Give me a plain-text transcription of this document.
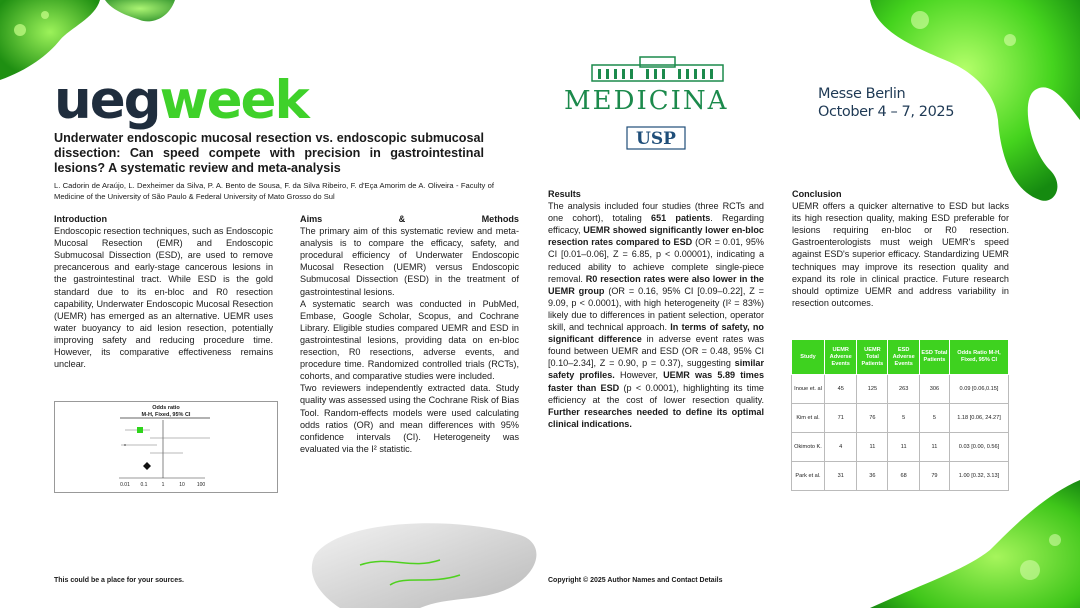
uegweek	MEDICINA
USP
Messe Berlin
October 4 – 7, 2025
Underwater endoscopic mucosal resection vs. endoscopic submucosal dissection: Can speed compete with precision in gastrointestinal lesions? A systematic review and meta-analysis
L. Cadorin de Araújo, L. Dexheimer da Silva, P. A. Bento de Sousa, F. da Silva Ribeiro, F. d'Eça Amorim de A. Oliveira - Faculty of Medicine of the University of São Paulo & Federal University of Mato Grosso do Sul
Introduction

Endoscopic resection techniques, such as Endoscopic Mucosal Resection (EMR) and Endoscopic Submucosal Dissection (ESD), are used to remove precancerous and early-stage cancerous lesions in the gastrointestinal tract. While ESD is the gold standard due to its en-bloc and R0 resection capability, Underwater Endoscopic Mucosal Resection (UEMR) has emerged as an alternative. UEMR uses water buoyancy to aid lesion resection, potentially improving safety and reducing procedure time. However, its comparative effectiveness remains unclear.

Odds ratio
M-H, Fixed, 95% CI
0.01 0.1	1	10 100
Aims	&	Methods

The primary aim of this systematic review and meta-analysis is to compare the efficacy, safety, and procedural efficiency of Underwater Endoscopic Mucosal Resection (UEMR) versus Endoscopic Submucosal Dissection (ESD) in the treatment of gastrointestinal lesions.

A systematic search was conducted in PubMed, Embase, Google Scholar, Scopus, and Cochrane Library. Eligible studies compared UEMR and ESD in gastrointestinal lesions, providing data on en-bloc resection, R0 resections, adverse events, and procedure time. Randomized controlled trials (RCTs), cohorts, and comparative studies were included.

Two reviewers independently extracted data. Study quality was assessed using the Cochrane Risk of Bias Tool. Random-effects models were used calculating odds ratios (OR) and mean differences with 95% confidence intervals (CI). Heterogeneity was evaluated via the I² statistic.

Results

The analysis included four studies (three RCTs and one cohort), totaling 651 patients. Regarding efficacy, UEMR showed significantly lower en-bloc resection rates compared to ESD (OR = 0.01, 95% CI [0.01–0.06], Z = 6.85, p < 0.00001), indicating a reduced ability to achieve complete single-piece removal. R0 resection rates were also lower in the UEMR group (OR = 0.16, 95% CI [0.09–0.22], Z = 9.09, p < 0.0001), with high heterogeneity (I² = 83%) likely due to differences in patient selection, operator skill, and technical approach. In terms of safety, no significant difference in adverse event rates was found between UEMR and ESD (OR = 0.48, 95% CI [0.10–2.34], Z = 0.90, p = 0.37), suggesting similar safety profiles. However, UEMR was 5.89 times faster than ESD (p < 0.0001), highlighting its time efficiency at the cost of lower resection quality. Further researches needed to define its optimal clinical indications.

Conclusion

UEMR offers a quicker alternative to ESD but lacks its high resection quality, making ESD preferable for lesions requiring en-bloc or R0 resection. Gastroenterologists must weigh UEMR's speed against ESD's superior efficacy. Standardizing UEMR techniques may improve its resection quality and expand its role in clinical practice. Future research should optimize UEMR and address variability in resection outcomes.

Study	UEMR Adverse Events	UEMR Total Patients	ESD Adverse Events	ESD Total Patients	Odds Ratio M-H, Fixed, 95% CI
Inoue et. al	45	125	263	306	0.09 [0.06,0.15]
Kim et al.	71	76	5	5	1.18 [0.06, 24.27]
Okimoto K.	4	11	11	11	0.03 [0.00, 0.56]
Park et al.	31	36	68	79	1.00 [0.32, 3.13]
This could be a place for your sources.	Copyright © 2025 Author Names and Contact Details
